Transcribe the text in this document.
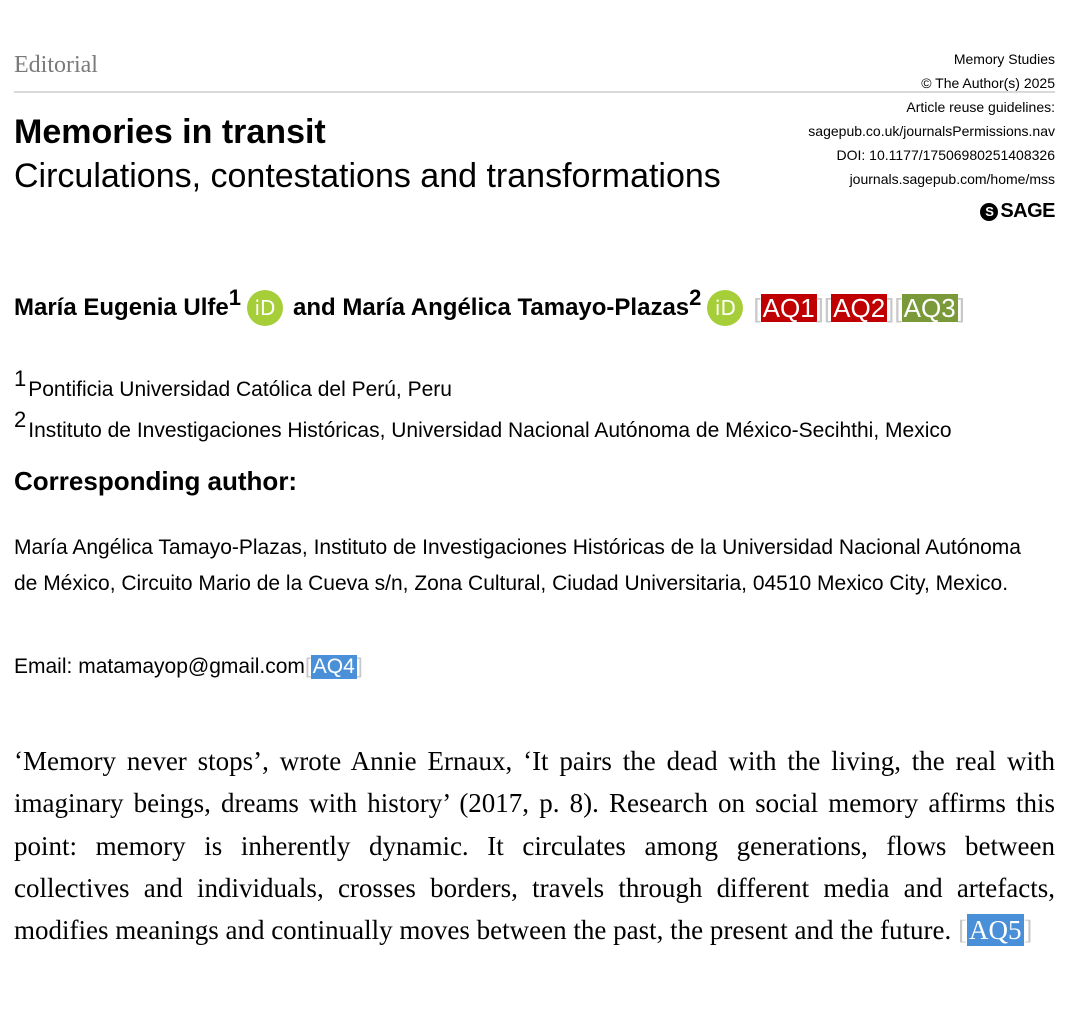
Editorial	Memory Studies
© The Author(s) 2025
Article reuse guidelines:
sagepub.co.uk/journalsPermissions.nav
DOI: 10.1177/17506980251408326
journals.sagepub.com/home/mss
S SAGE
Memories in transit
Circulations, contestations and transformations
María Eugenia Ulfe$^1$ iD and
María Angélica Tamayo-Plazas$^2$ iD [ AQ1 ] [ AQ2 ] [ AQ3 ]
$^1$Pontificia Universidad Católica del Perú, Peru
$^2$Instituto de Investigaciones Históricas, Universidad Nacional Autónoma de México-Secihthi, Mexico
Corresponding author:
María Angélica Tamayo-Plazas, Instituto de Investigaciones Históricas de la Universidad Nacional Autónoma de México, Circuito Mario de la Cueva s/n, Zona Cultural, Ciudad Universitaria, 04510 Mexico City, Mexico.
Email: matamayop@gmail.com[AQ4]
‘Memory never stops’, wrote Annie Ernaux, ‘It pairs the dead with the living, the real with imaginary beings, dreams with history’ (2017, p. 8). Research on social memory affirms this point: memory is inherently dynamic. It circulates among generations, flows between collectives and individuals, crosses borders, travels through different media and artefacts, modifies meanings and continually moves between the past, the present and the future. [AQ5]
